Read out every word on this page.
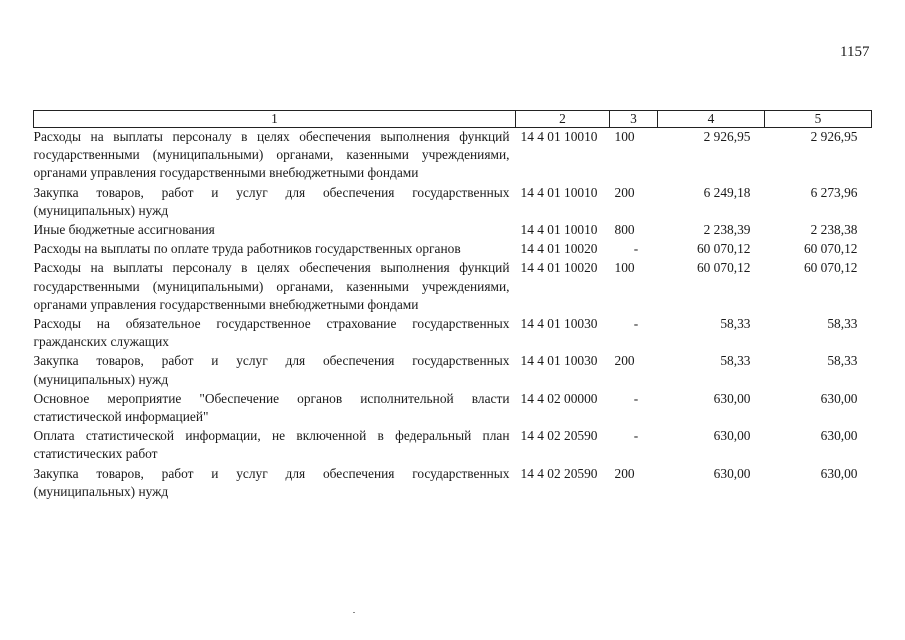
1157
1	2	3	4	5
Расходы на выплаты персоналу в целях обеспечения выполнения функций государственными (муниципальными) органами, казенными учреждениями, органами управления государственными внебюджетными фондами	14 4 01 10010	100	2 926,95	2 926,95
Закупка товаров, работ и услуг для обеспечения государственных (муниципальных) нужд	14 4 01 10010	200	6 249,18	6 273,96
Иные бюджетные ассигнования	14 4 01 10010	800	2 238,39	2 238,38
Расходы на выплаты по оплате труда работников государственных органов	14 4 01 10020	-	60 070,12	60 070,12
Расходы на выплаты персоналу в целях обеспечения выполнения функций государственными (муниципальными) органами, казенными учреждениями, органами управления государственными внебюджетными фондами	14 4 01 10020	100	60 070,12	60 070,12
Расходы на обязательное государственное страхование государственных гражданских служащих	14 4 01 10030	-	58,33	58,33
Закупка товаров, работ и услуг для обеспечения государственных (муниципальных) нужд	14 4 01 10030	200	58,33	58,33
Основное мероприятие "Обеспечение органов исполнительной власти статистической информацией"	14 4 02 00000	-	630,00	630,00
Оплата статистической информации, не включенной в федеральный план статистических работ	14 4 02 20590	-	630,00	630,00
Закупка товаров, работ и услуг для обеспечения государственных (муниципальных) нужд	14 4 02 20590	200	630,00	630,00
